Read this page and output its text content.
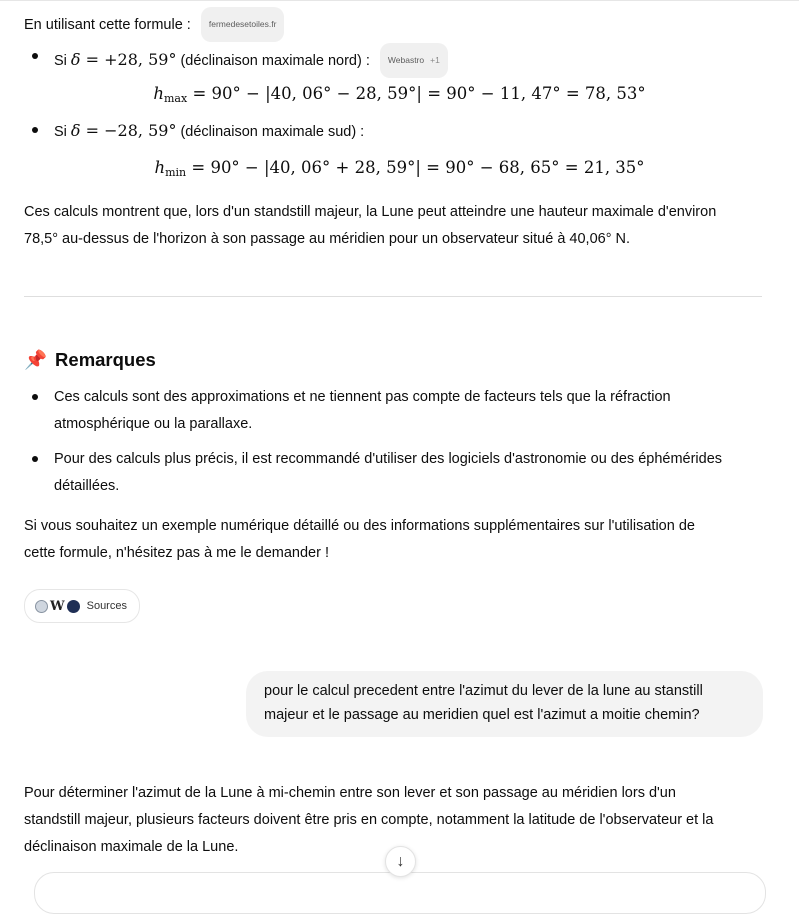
En utilisant cette formule : fermedesetoiles.fr
Si δ = +28, 59° (déclinaison maximale nord) : Webastro +1
$h_{max} = 90^\circ - |40$, 06° − 28, 59°| = 90° − 11, 47° = 78, 53°
Si δ = −28, 59° (déclinaison maximale sud) :
$h_{min} = 90^\circ - |40$, 06° + 28, 59°| = 90° − 68, 65° = 21, 35°
Ces calculs montrent que, lors d'un standstill majeur, la Lune peut atteindre une hauteur maximale d'environ
78,5° au-dessus de l'horizon à son passage au méridien pour un observateur situé à 40,06° N.
📌 Remarques
Ces calculs sont des approximations et ne tiennent pas compte de facteurs tels que la réfraction
atmosphérique ou la parallaxe.
Pour des calculs plus précis, il est recommandé d'utiliser des logiciels d'astronomie ou des éphémérides
détaillées.
Si vous souhaitez un exemple numérique détaillé ou des informations supplémentaires sur l'utilisation de
cette formule, n'hésitez pas à me le demander !
W Sources
pour le calcul precedent entre l'azimut du lever de la lune au stanstill
majeur et le passage au meridien quel est l'azimut a moitie chemin?
Pour déterminer l'azimut de la Lune à mi-chemin entre son lever et son passage au méridien lors d'un
standstill majeur, plusieurs facteurs doivent être pris en compte, notamment la latitude de l'observateur et la
déclinaison maximale de la Lune.
↓
